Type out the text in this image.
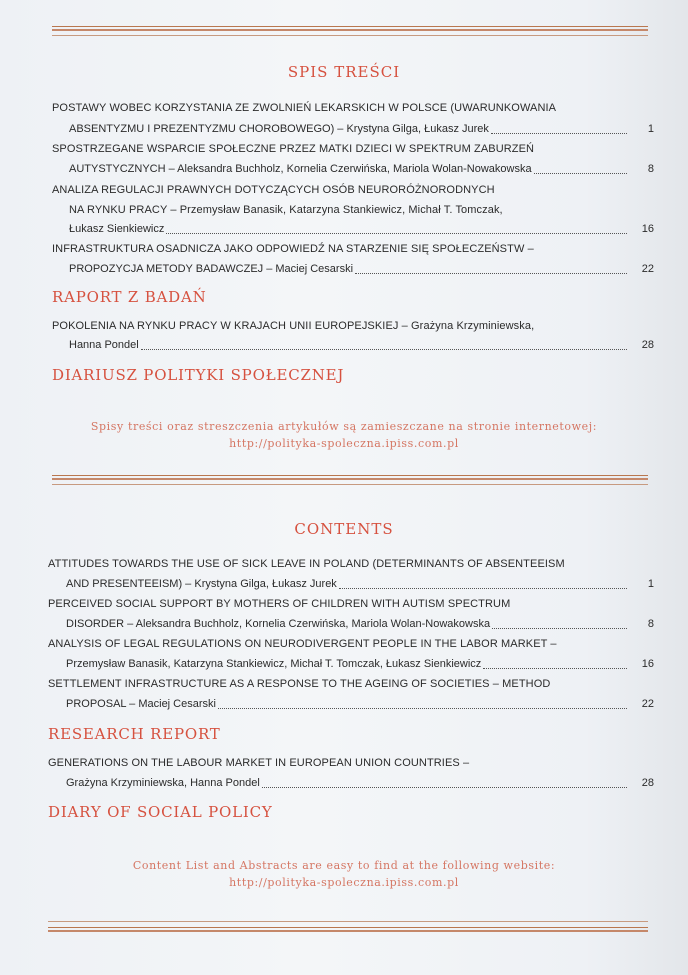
SPIS TREŚCI
POSTAWY WOBEC KORZYSTANIA ZE ZWOLNIEŃ LEKARSKICH W POLSCE (UWARUNKOWANIA
ABSENTYZMU I PREZENTYZMU CHOROBOWEGO) – Krystyna Gilga, Łukasz Jurek	1
SPOSTRZEGANE WSPARCIE SPOŁECZNE PRZEZ MATKI DZIECI W SPEKTRUM ZABURZEŃ
AUTYSTYCZNYCH – Aleksandra Buchholz, Kornelia Czerwińska, Mariola Wolan-Nowakowska	8
ANALIZA REGULACJI PRAWNYCH DOTYCZĄCYCH OSÓB NEURORÓŻNORODNYCH
NA RYNKU PRACY – Przemysław Banasik, Katarzyna Stankiewicz, Michał T. Tomczak,
Łukasz Sienkiewicz	16
INFRASTRUKTURA OSADNICZA JAKO ODPOWIEDŹ NA STARZENIE SIĘ SPOŁECZEŃSTW –
PROPOZYCJA METODY BADAWCZEJ – Maciej Cesarski	22
RAPORT Z BADAŃ
POKOLENIA NA RYNKU PRACY W KRAJACH UNII EUROPEJSKIEJ – Grażyna Krzyminiewska,
Hanna Pondel	28
DIARIUSZ POLITYKI SPOŁECZNEJ
Spisy treści oraz streszczenia artykułów są zamieszczane na stronie internetowej:
http://polityka-spoleczna.ipiss.com.pl
CONTENTS
ATTITUDES TOWARDS THE USE OF SICK LEAVE IN POLAND (DETERMINANTS OF ABSENTEEISM
AND PRESENTEEISM) – Krystyna Gilga, Łukasz Jurek	1
PERCEIVED SOCIAL SUPPORT BY MOTHERS OF CHILDREN WITH AUTISM SPECTRUM
DISORDER – Aleksandra Buchholz, Kornelia Czerwińska, Mariola Wolan-Nowakowska	8
ANALYSIS OF LEGAL REGULATIONS ON NEURODIVERGENT PEOPLE IN THE LABOR MARKET –
Przemysław Banasik, Katarzyna Stankiewicz, Michał T. Tomczak, Łukasz Sienkiewicz	16
SETTLEMENT INFRASTRUCTURE AS A RESPONSE TO THE AGEING OF SOCIETIES – METHOD
PROPOSAL – Maciej Cesarski	22
RESEARCH REPORT
GENERATIONS ON THE LABOUR MARKET IN EUROPEAN UNION COUNTRIES –
Grażyna Krzyminiewska, Hanna Pondel	28
DIARY OF SOCIAL POLICY
Content List and Abstracts are easy to find at the following website:
http://polityka-spoleczna.ipiss.com.pl
